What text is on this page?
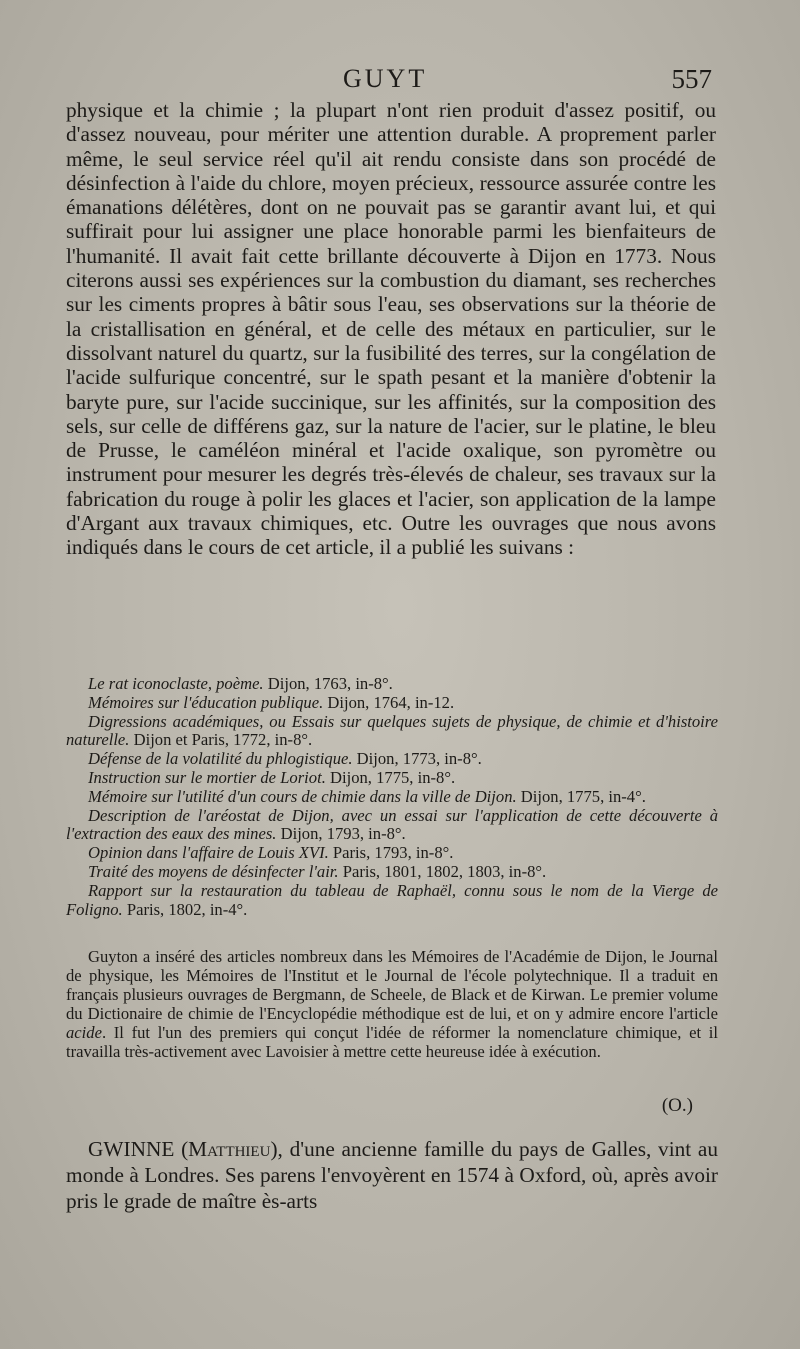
GUYT	557

physique et la chimie ; la plupart n'ont rien produit d'assez positif, ou d'assez nouveau, pour mériter une attention durable. A proprement parler même, le seul service réel qu'il ait rendu consiste dans son procédé de désinfection à l'aide du chlore, moyen précieux, ressource assurée contre les émanations délétères, dont on ne pouvait pas se garantir avant lui, et qui suffirait pour lui assigner une place honorable parmi les bienfaiteurs de l'humanité. Il avait fait cette brillante découverte à Dijon en 1773. Nous citerons aussi ses expériences sur la combustion du diamant, ses recherches sur les ciments propres à bâtir sous l'eau, ses observations sur la théorie de la cristallisation en général, et de celle des métaux en particulier, sur le dissolvant naturel du quartz, sur la fusibilité des terres, sur la congélation de l'acide sulfurique concentré, sur le spath pesant et la manière d'obtenir la baryte pure, sur l'acide succinique, sur les affinités, sur la composition des sels, sur celle de différens gaz, sur la nature de l'acier, sur le platine, le bleu de Prusse, le caméléon minéral et l'acide oxalique, son pyromètre ou instrument pour mesurer les degrés très-élevés de chaleur, ses travaux sur la fabrication du rouge à polir les glaces et l'acier, son application de la lampe d'Argant aux travaux chimiques, etc. Outre les ouvrages que nous avons indiqués dans le cours de cet article, il a publié les suivans :

Le rat iconoclaste, poème. Dijon, 1763, in-8°.

Mémoires sur l'éducation publique. Dijon, 1764, in-12.

Digressions académiques, ou Essais sur quelques sujets de physique, de chimie et d'histoire naturelle. Dijon et Paris, 1772, in-8°.

Défense de la volatilité du phlogistique. Dijon, 1773, in-8°.

Instruction sur le mortier de Loriot. Dijon, 1775, in-8°.

Mémoire sur l'utilité d'un cours de chimie dans la ville de Dijon. Dijon, 1775, in-4°.

Description de l'aréostat de Dijon, avec un essai sur l'application de cette découverte à l'extraction des eaux des mines. Dijon, 1793, in-8°.

Opinion dans l'affaire de Louis XVI. Paris, 1793, in-8°.

Traité des moyens de désinfecter l'air. Paris, 1801, 1802, 1803, in-8°.

Rapport sur la restauration du tableau de Raphaël, connu sous le nom de la Vierge de Foligno. Paris, 1802, in-4°.

Guyton a inséré des articles nombreux dans les Mémoires de l'Académie de Dijon, le Journal de physique, les Mémoires de l'Institut et le Journal de l'école polytechnique. Il a traduit en français plusieurs ouvrages de Bergmann, de Scheele, de Black et de Kirwan. Le premier volume du Dictionaire de chimie de l'Encyclopédie méthodique est de lui, et on y admire encore l'article acide. Il fut l'un des premiers qui conçut l'idée de réformer la nomenclature chimique, et il travailla très-activement avec Lavoisier à mettre cette heureuse idée à exécution.

(O.)

GWINNE (Matthieu), d'une ancienne famille du pays de Galles, vint au monde à Londres. Ses parens l'envoyèrent en 1574 à Oxford, où, après avoir pris le grade de maître ès-arts
